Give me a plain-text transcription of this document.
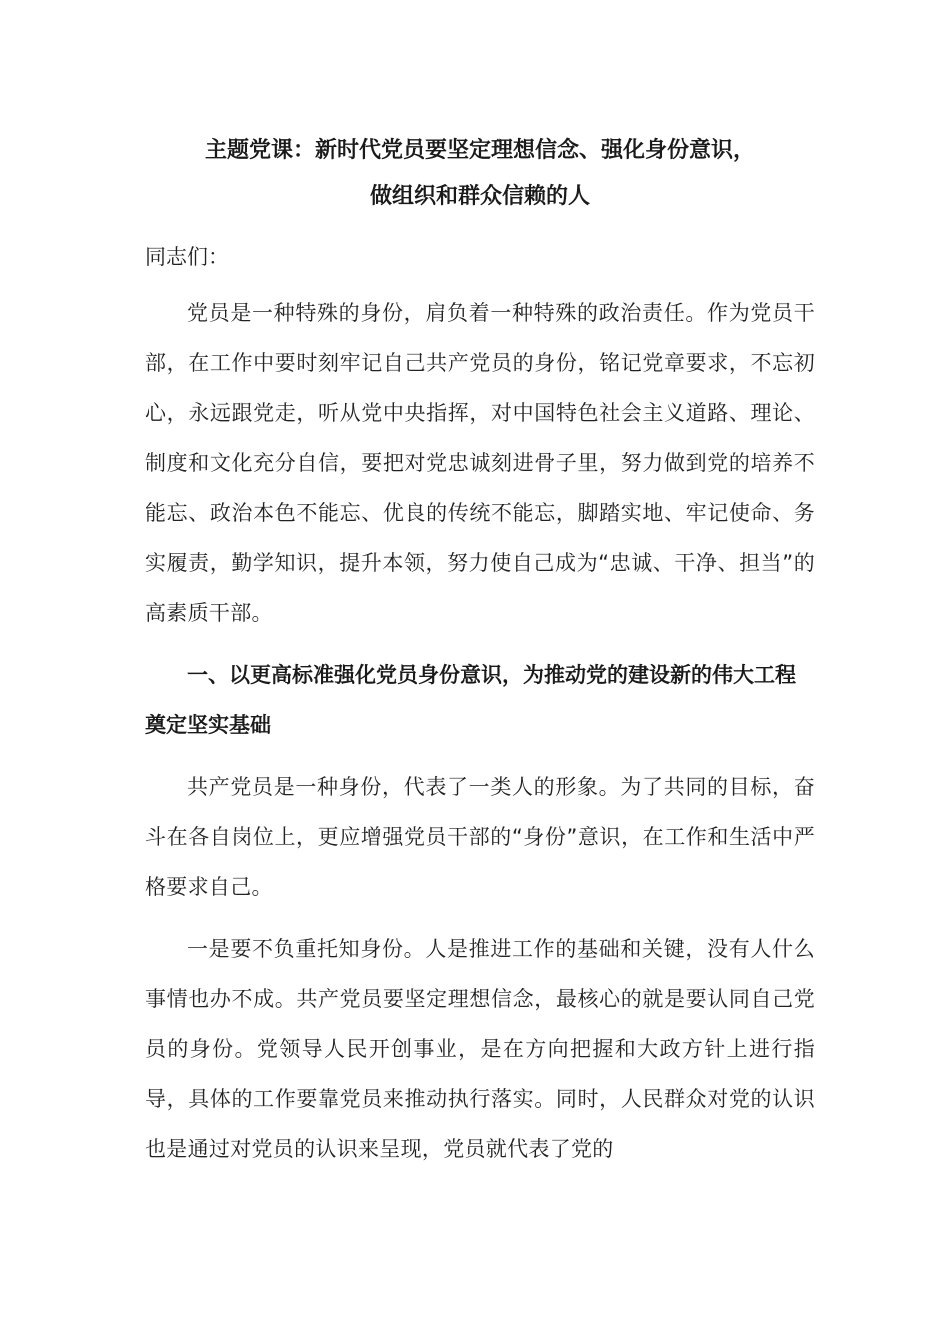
主题党课：新时代党员要坚定理想信念、强化身份意识，

做组织和群众信赖的人

同志们：

党员是一种特殊的身份，肩负着一种特殊的政治责任。作为党员干部，在工作中要时刻牢记自己共产党员的身份，铭记党章要求，不忘初心，永远跟党走，听从党中央指挥，对中国特色社会主义道路、理论、制度和文化充分自信，要把对党忠诚刻进骨子里，努力做到党的培养不能忘、政治本色不能忘、优良的传统不能忘，脚踏实地、牢记使命、务实履责，勤学知识，提升本领，努力使自己成为“忠诚、干净、担当”的高素质干部。

一、以更高标准强化党员身份意识，为推动党的建设新的伟大工程奠定坚实基础

共产党员是一种身份，代表了一类人的形象。为了共同的目标，奋斗在各自岗位上，更应增强党员干部的“身份”意识，在工作和生活中严格要求自己。

一是要不负重托知身份。人是推进工作的基础和关键，没有人什么事情也办不成。共产党员要坚定理想信念，最核心的就是要认同自己党员的身份。党领导人民开创事业，是在方向把握和大政方针上进行指导，具体的工作要靠党员来推动执行落实。同时，人民群众对党的认识也是通过对党员的认识来呈现，党员就代表了党的
